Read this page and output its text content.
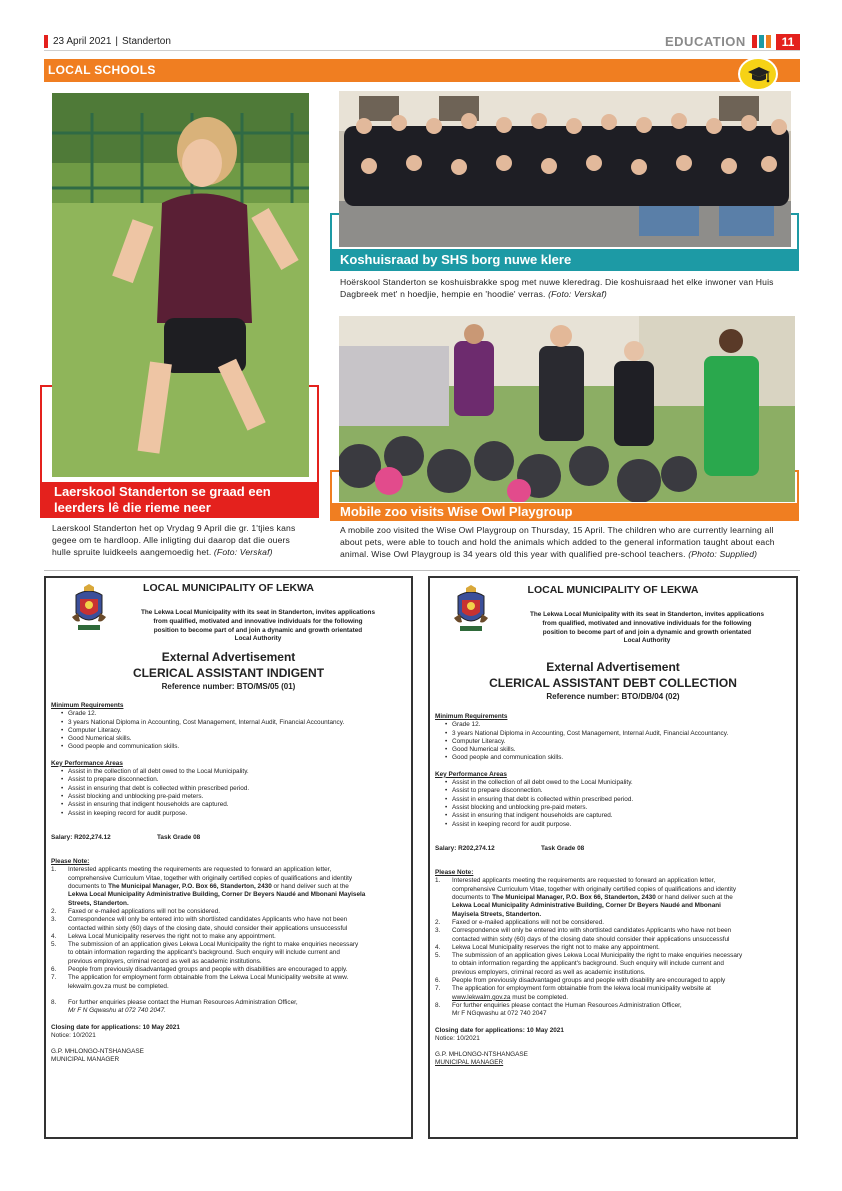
23 April 2021 | Standerton	EDUCATION	11
LOCAL SCHOOLS
Laerskool Standerton se graad een
leerders lê die rieme neer
Laerskool Standerton het op Vrydag 9 April die gr. 1'tjies kans
gegee om te hardloop. Alle inligting dui daarop dat die ouers
hulle spruite luidkeels aangemoedig het. (Foto: Verskaf)
Koshuisraad by SHS borg nuwe klere
Hoërskool Standerton se koshuisbrakke spog met nuwe kleredrag. Die koshuisraad het elke inwoner van Huis
Dagbreek met' n hoedjie, hempie en 'hoodie' verras. (Foto: Verskaf)
Mobile zoo visits Wise Owl Playgroup
A mobile zoo visited the Wise Owl Playgroup on Thursday, 15 April. The children who are currently learning all
about pets, were able to touch and hold the animals which added to the general information taught about each
animal. Wise Owl Playgroup is 34 years old this year with qualified pre-school teachers. (Photo: Supplied)
LOCAL MUNICIPALITY OF LEKWA
The Lekwa Local Municipality with its seat in Standerton, invites applications
from qualified, motivated and innovative individuals for the following
position to become part of and join a dynamic and growth orientated
Local Authority
External Advertisement
CLERICAL ASSISTANT INDIGENT
Reference number: BTO/MS/05 (01)
Minimum Requirements
• Grade 12.
• 3 years National Diploma in Accounting, Cost Management, Internal Audit, Financial Accountancy.
• Computer Literacy.
• Good Numerical skills.
• Good people and communication skills.
Key Performance Areas
• Assist in the collection of all debt owed to the Local Municipality.
• Assist to prepare disconnection.
• Assist in ensuring that debt is collected within prescribed period.
• Assist blocking and unblocking pre-paid meters.
• Assist in ensuring that indigent households are captured.
• Assist in keeping record for audit purpose.
Salary: R202,274.12	Task Grade 08
Please Note:
1. Interested applicants meeting the requirements are requested to forward an application letter,
comprehensive Curriculum Vitae, together with originally certified copies of qualifications and identity
documents to The Municipal Manager, P.O. Box 66, Standerton, 2430 or hand deliver such at the
Lekwa Local Municipality Administrative Building, Corner Dr Beyers Naudé and Mbonani Mayisela
Streets, Standerton.
2. Faxed or e-mailed applications will not be considered.
3. Correspondence will only be entered into with shortlisted candidates Applicants who have not been
contacted within sixty (60) days of the closing date, should consider their applications unsuccessful
4. Lekwa Local Municipality reserves the right not to make any appointment.
5. The submission of an application gives Lekwa Local Municipality the right to make enquiries necessary
to obtain information regarding the applicant's background. Such enquiry will include current and
previous employers, criminal record as well as academic institutions.
6. People from previously disadvantaged groups and people with disabilities are encouraged to apply.
7. The application for employment form obtainable from the Lekwa Local Municipality website at www.
lekwalm.gov.za must be completed.
8. For further enquiries please contact the Human Resources Administration Officer,
Mr F N Gqwashu at 072 740 2047.
Closing date for applications: 10 May 2021
Notice: 10/2021
G.P. MHLONGO-NTSHANGASE
MUNICIPAL MANAGER
LOCAL MUNICIPALITY OF LEKWA
The Lekwa Local Municipality with its seat in Standerton, invites applications
from qualified, motivated and innovative individuals for the following
position to become part of and join a dynamic and growth orientated
Local Authority
External Advertisement
CLERICAL ASSISTANT DEBT COLLECTION
Reference number: BTO/DB/04 (02)
Minimum Requirements
• Grade 12.
• 3 years National Diploma in Accounting, Cost Management, Internal Audit, Financial Accountancy.
• Computer Literacy.
• Good Numerical skills.
• Good people and communication skills.
Key Performance Areas
• Assist in the collection of all debt owed to the Local Municipality.
• Assist to prepare disconnection.
• Assist in ensuring that debt is collected within prescribed period.
• Assist blocking and unblocking pre-paid meters.
• Assist in ensuring that indigent households are captured.
• Assist in keeping record for audit purpose.
Salary: R202,274.12	Task Grade 08
Please Note:
1. Interested applicants meeting the requirements are requested to forward an application letter,
comprehensive Curriculum Vitae, together with originally certified copies of qualifications and identity
documents to The Municipal Manager, P.O. Box 66, Standerton, 2430 or hand deliver such at the
Lekwa Local Municipality Administrative Building, Corner Dr Beyers Naudé and Mbonani
Mayisela Streets, Standerton.
2. Faxed or e-mailed applications will not be considered.
3. Correspondence will only be entered into with shortlisted candidates Applicants who have not been
contacted within sixty (60) days of the closing date should consider their applications unsuccessful
4. Lekwa Local Municipality reserves the right not to make any appointment.
5. The submission of an application gives Lekwa Local Municipality the right to make enquiries necessary
to obtain information regarding the applicant's background. Such enquiry will include current and
previous employers, criminal record as well as academic institutions.
6. People from previously disadvantaged groups and people with disability are encouraged to apply
7. The application for employment form obtainable from the lekwa local municipality website at
www.lekwalm.gov.za must be completed.
8. For further enquiries please contact the Human Resources Administration Officer,
Mr F NGqwashu at 072 740 2047
Closing date for applications: 10 May 2021
Notice: 10/2021
G.P. MHLONGO-NTSHANGASE
MUNICIPAL MANAGER
